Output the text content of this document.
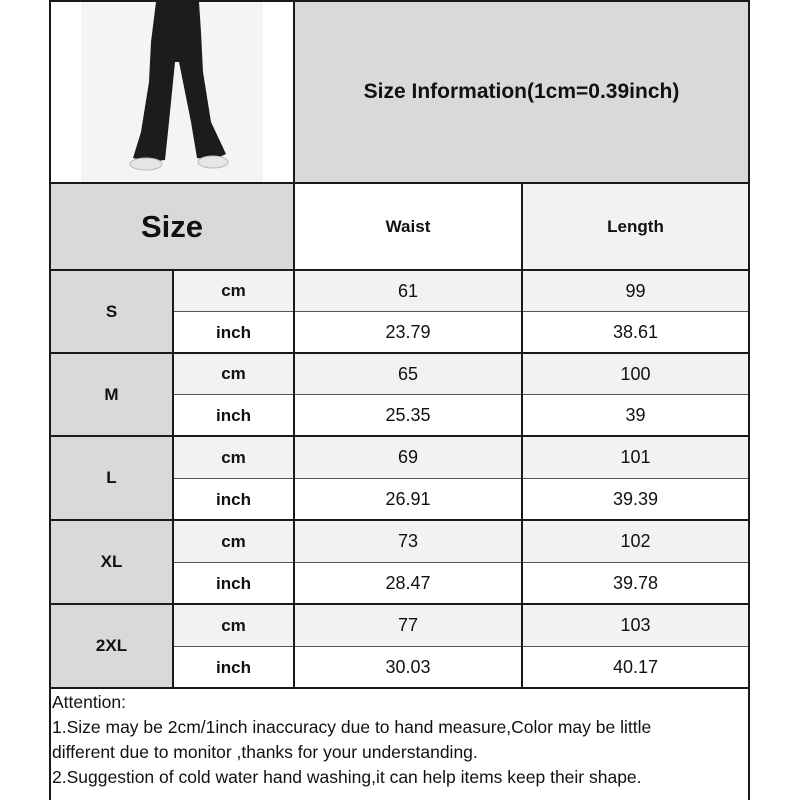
Size Information(1cm=0.39inch)
Size	Waist	Length
S
cm	61	99
inch	23.79	38.61
M
cm	65	100
inch	25.35	39
L
cm	69	101
inch	26.91	39.39
XL
cm	73	102
inch	28.47	39.78
2XL
cm	77	103
inch	30.03	40.17
Attention:
1.Size may be 2cm/1inch inaccuracy due to hand measure,Color may be little
different due to monitor ,thanks for your understanding.
2.Suggestion of cold water hand washing,it can help items keep their shape.
